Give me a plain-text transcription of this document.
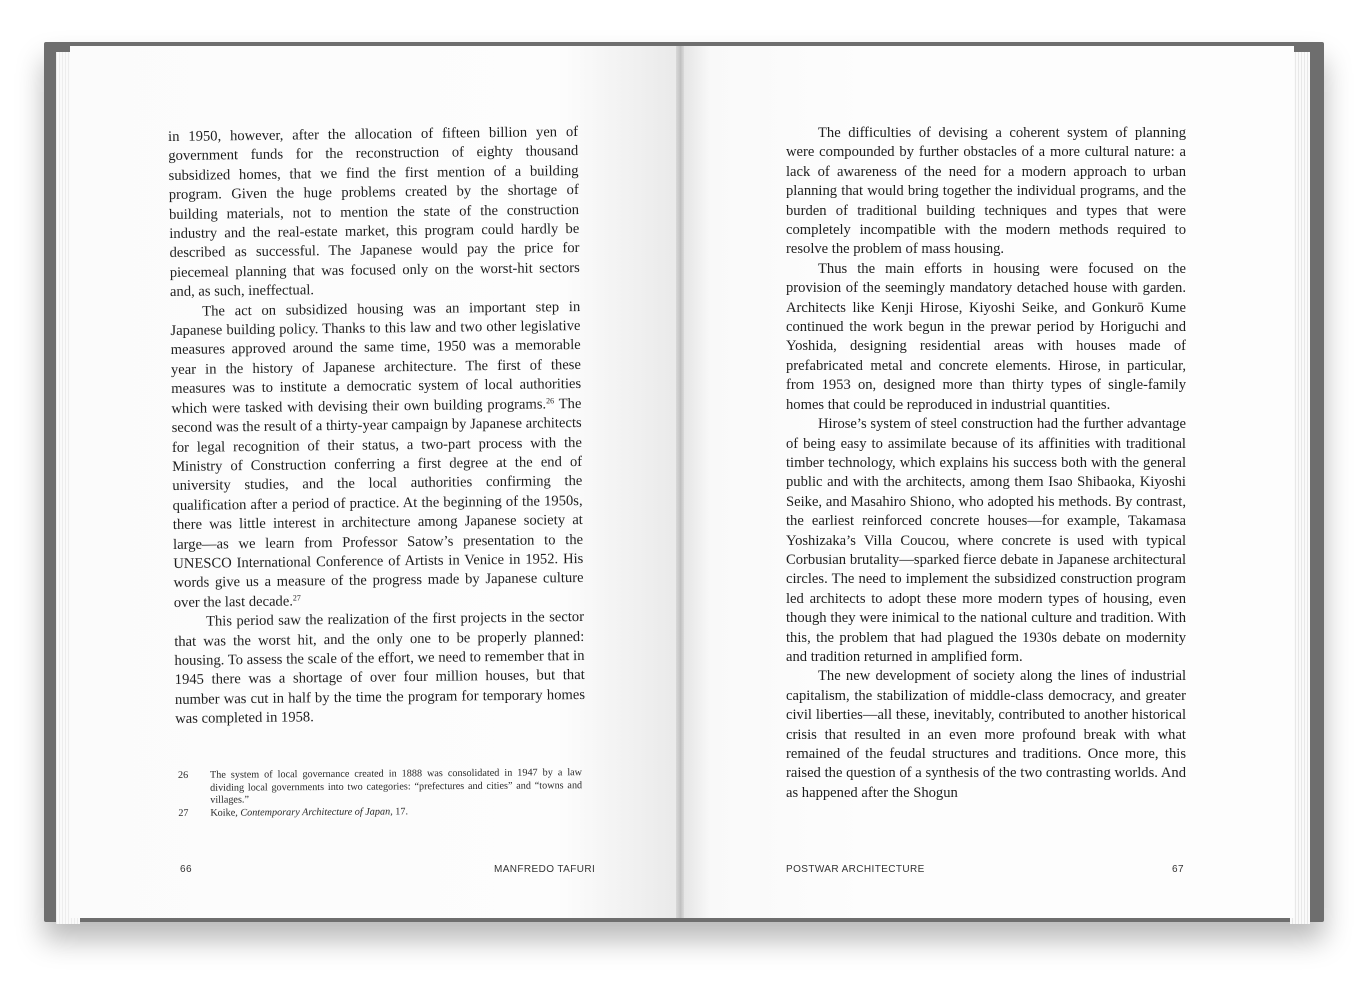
in 1950, however, after the allocation of fifteen billion yen of government funds for the reconstruction of eighty thousand subsidized homes, that we find the first mention of a building program. Given the huge problems created by the shortage of building materials, not to mention the state of the construction industry and the real-estate market, this program could hardly be described as successful. The Japanese would pay the price for piecemeal planning that was focused only on the worst-hit sectors and, as such, ineffectual.

The act on subsidized housing was an important step in Japanese building policy. Thanks to this law and two other legislative measures approved around the same time, 1950 was a memorable year in the history of Japanese architecture. The first of these measures was to institute a democratic system of local authorities which were tasked with devising their own building programs.$^{26}$ The second was the result of a thirty-year campaign by Japanese architects for legal recognition of their status, a two-part process with the Ministry of Construction conferring a first degree at the end of university studies, and the local authorities confirming the qualification after a period of practice. At the beginning of the 1950s, there was little interest in architecture among Japanese society at large—as we learn from Professor Satow’s presentation to the UNESCO International Conference of Artists in Venice in 1952. His words give us a measure of the progress made by Japanese culture over the last decade.$^{27}$

This period saw the realization of the first projects in the sector that was the worst hit, and the only one to be properly planned: housing. To assess the scale of the effort, we need to remember that in 1945 there was a shortage of over four million houses, but that number was cut in half by the time the program for temporary homes was completed in 1958.

26	The system of local governance created in 1888 was consolidated in 1947 by a law dividing local governments into two categories: “prefectures and cities” and “towns and villages.”
27	Koike, Contemporary Architecture of Japan, 17.
66	MANFREDO TAFURI

The difficulties of devising a coherent system of planning were compounded by further obstacles of a more cultural nature: a lack of awareness of the need for a modern approach to urban planning that would bring together the individual programs, and the burden of traditional building techniques and types that were completely incompatible with the modern methods required to resolve the problem of mass housing.

Thus the main efforts in housing were focused on the provision of the seemingly mandatory detached house with garden. Architects like Kenji Hirose, Kiyoshi Seike, and Gonkurō Kume continued the work begun in the prewar period by Horiguchi and Yoshida, designing residential areas with houses made of prefabricated metal and concrete elements. Hirose, in particular, from 1953 on, designed more than thirty types of single-family homes that could be reproduced in industrial quantities.

Hirose’s system of steel construction had the further advantage of being easy to assimilate because of its affinities with traditional timber technology, which explains his success both with the general public and with the architects, among them Isao Shibaoka, Kiyoshi Seike, and Masahiro Shiono, who adopted his methods. By contrast, the earliest reinforced concrete houses—for example, Takamasa Yoshizaka’s Villa Coucou, where concrete is used with typical Corbusian brutality—sparked fierce debate in Japanese architectural circles. The need to implement the subsidized construction program led architects to adopt these more modern types of housing, even though they were inimical to the national culture and tradition. With this, the problem that had plagued the 1930s debate on modernity and tradition returned in amplified form.

The new development of society along the lines of industrial capitalism, the stabilization of middle-class democracy, and greater civil liberties—all these, inevitably, contributed to another historical crisis that resulted in an even more profound break with what remained of the feudal structures and traditions. Once more, this raised the question of a synthesis of the two contrasting worlds. And as happened after the Shogun

POSTWAR ARCHITECTURE	67
